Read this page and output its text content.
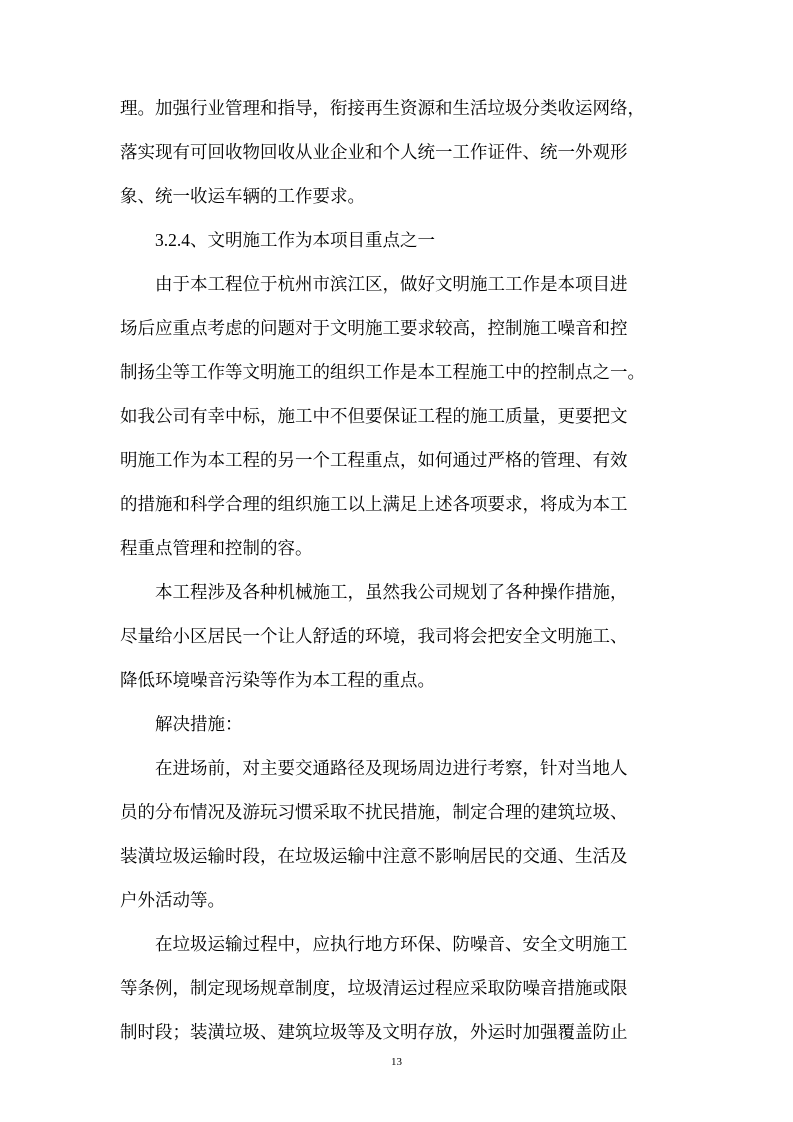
理。加强行业管理和指导，衔接再生资源和生活垃圾分类收运网络，
落实现有可回收物回收从业企业和个人统一工作证件、统一外观形
象、统一收运车辆的工作要求。
3.2.4、文明施工作为本项目重点之一
由于本工程位于杭州市滨江区，做好文明施工工作是本项目进
场后应重点考虑的问题对于文明施工要求较高，控制施工噪音和控
制扬尘等工作等文明施工的组织工作是本工程施工中的控制点之一。
如我公司有幸中标，施工中不但要保证工程的施工质量，更要把文
明施工作为本工程的另一个工程重点，如何通过严格的管理、有效
的措施和科学合理的组织施工以上满足上述各项要求，将成为本工
程重点管理和控制的容。
本工程涉及各种机械施工，虽然我公司规划了各种操作措施，
尽量给小区居民一个让人舒适的环境，我司将会把安全文明施工、
降低环境噪音污染等作为本工程的重点。
解决措施：
在进场前，对主要交通路径及现场周边进行考察，针对当地人
员的分布情况及游玩习惯采取不扰民措施，制定合理的建筑垃圾、
装潢垃圾运输时段，在垃圾运输中注意不影响居民的交通、生活及
户外活动等。
在垃圾运输过程中，应执行地方环保、防噪音、安全文明施工
等条例，制定现场规章制度，垃圾清运过程应采取防噪音措施或限
制时段；装潢垃圾、建筑垃圾等及文明存放，外运时加强覆盖防止
13
